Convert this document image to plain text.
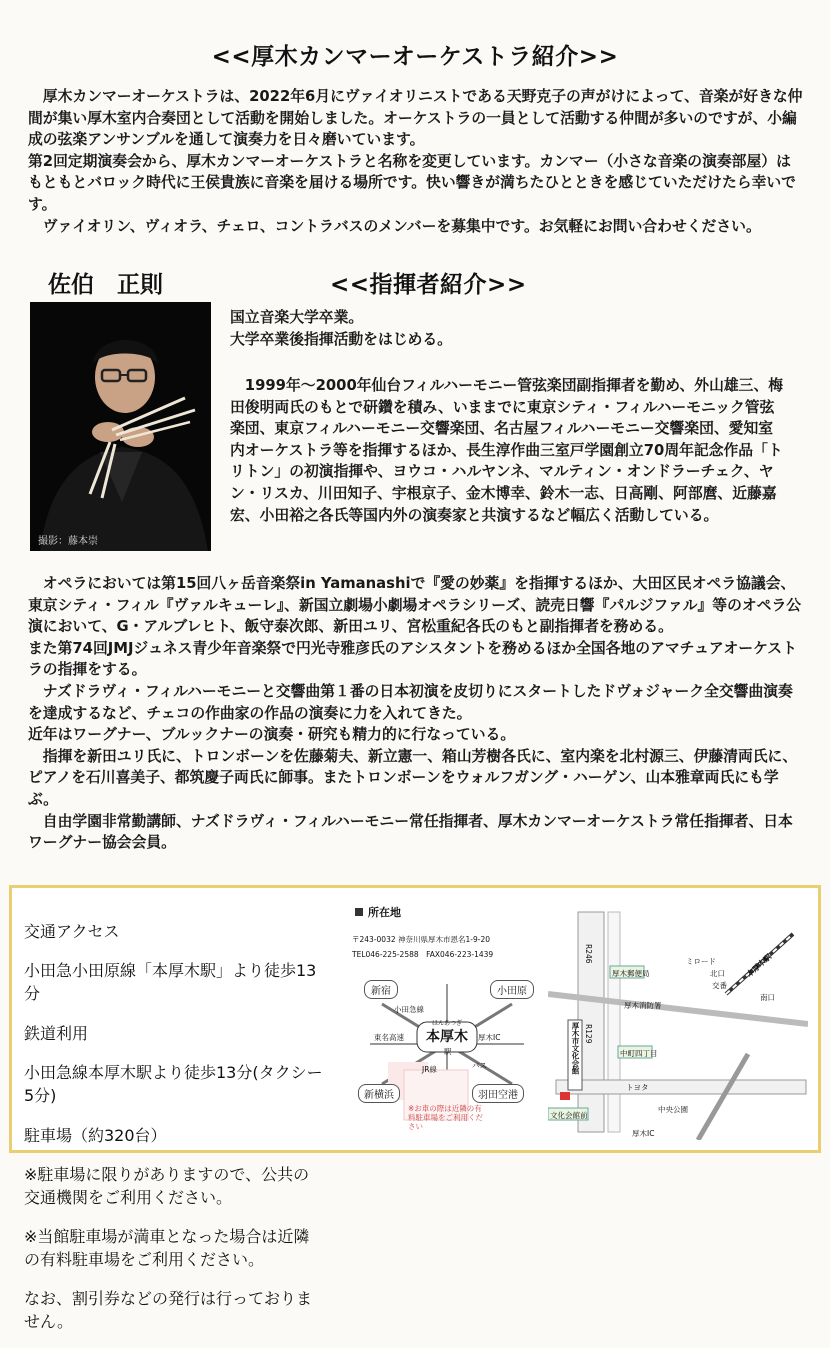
<<厚木カンマーオーケストラ紹介>>

厚木カンマーオーケストラは、2022年6月にヴァイオリニストである天野克子の声がけによって、音楽が好きな仲間が集い厚木室内合奏団として活動を開始しました。オーケストラの一員として活動する仲間が多いのですが、小編成の弦楽アンサンブルを通して演奏力を日々磨いています。

第2回定期演奏会から、厚木カンマーオーケストラと名称を変更しています。カンマー（小さな音楽の演奏部屋）はもともとバロック時代に王侯貴族に音楽を届ける場所です。快い響きが満ちたひとときを感じていただけたら幸いです。

ヴァイオリン、ヴィオラ、チェロ、コントラバスのメンバーを募集中です。お気軽にお問い合わせください。

佐伯　正則	<<指揮者紹介>>
撮影：藤本崇

国立音楽大学卒業。

大学卒業後指揮活動をはじめる。

1999年～2000年仙台フィルハーモニー管弦楽団副指揮者を勤め、外山雄三、梅田俊明両氏のもとで研鑽を積み、いままでに東京シティ・フィルハーモニック管弦楽団、東京フィルハーモニー交響楽団、名古屋フィルハーモニー交響楽団、愛知室内オーケストラ等を指揮するほか、長生淳作曲三室戸学園創立70周年記念作品「トリトン」の初演指揮や、ヨウコ・ハルヤンネ、マルティン・オンドラーチェク、ヤン・リスカ、川田知子、宇根京子、金木博幸、鈴木一志、日高剛、阿部麿、近藤嘉宏、小田裕之各氏等国内外の演奏家と共演するなど幅広く活動している。

オペラにおいては第15回八ヶ岳音楽祭in Yamanashiで『愛の妙薬』を指揮するほか、大田区民オペラ協議会、東京シティ・フィル『ヴァルキューレ』、新国立劇場小劇場オペラシリーズ、読売日響『パルジファル』等のオペラ公演において、G・アルブレヒト、飯守泰次郎、新田ユリ、宮松重紀各氏のもと副指揮者を務める。

また第74回JMJジュネス青少年音楽祭で円光寺雅彦氏のアシスタントを務めるほか全国各地のアマチュアオーケストラの指揮をする。

ナズドラヴィ・フィルハーモニーと交響曲第１番の日本初演を皮切りにスタートしたドヴォジャーク全交響曲演奏を達成するなど、チェコの作曲家の作品の演奏に力を入れてきた。

近年はワーグナー、ブルックナーの演奏・研究も精力的に行なっている。

指揮を新田ユリ氏に、トロンボーンを佐藤菊夫、新立憲一、箱山芳樹各氏に、室内楽を北村源三、伊藤清両氏に、ピアノを石川喜美子、都筑慶子両氏に師事。またトロンボーンをウォルフガング・ハーゲン、山本雅章両氏にも学ぶ。

自由学園非常勤講師、ナズドラヴィ・フィルハーモニー常任指揮者、厚木カンマーオーケストラ常任指揮者、日本ワーグナー協会会員。

交通アクセス

小田急小田原線「本厚木駅」より徒歩13分

鉄道利用

小田急線本厚木駅より徒歩13分(タクシー5分)

駐車場（約320台）

※駐車場に限りがありますので、公共の交通機関をご利用ください。

※当館駐車場が満車となった場合は近隣の有料駐車場をご利用ください。

なお、割引券などの発行は行っておりません。

所在地
〒243-0032 神奈川県厚木市恩名1-9-20
TEL046-225-2588　FAX046-223-1439
ほんあつぎ
本厚木
駅
新宿	小田原
新横浜	羽田空港
東名高速	厚木IC
小田急線
JR線	バス
※お車の際は近隣の有料駐車場をご利用ください
R246
R129
厚木郵便局
中町四丁目
厚木市文化会館
文化会館前
本厚木駅
ミロード
北口
南口
交番
トヨタ
厚木消防署
中央公園
厚木IC
